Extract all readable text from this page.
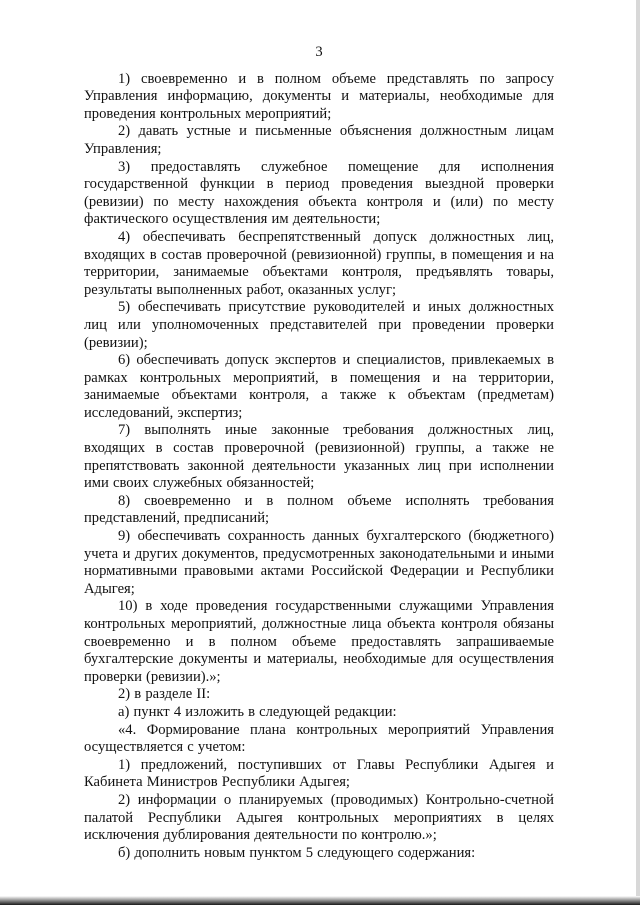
3

1) своевременно и в полном объеме представлять по запросу Управления информацию, документы и материалы, необходимые для проведения контрольных мероприятий;

2) давать устные и письменные объяснения должностным лицам Управления;

3) предоставлять служебное помещение для исполнения государственной функции в период проведения выездной проверки (ревизии) по месту нахождения объекта контроля и (или) по месту фактического осуществления им деятельности;

4) обеспечивать беспрепятственный допуск должностных лиц, входящих в состав проверочной (ревизионной) группы, в помещения и на территории, занимаемые объектами контроля, предъявлять товары, результаты выполненных работ, оказанных услуг;

5) обеспечивать присутствие руководителей и иных должностных лиц или уполномоченных представителей при проведении проверки (ревизии);

6) обеспечивать допуск экспертов и специалистов, привлекаемых в рамках контрольных мероприятий, в помещения и на территории, занимаемые объектами контроля, а также к объектам (предметам) исследований, экспертиз;

7) выполнять иные законные требования должностных лиц, входящих в состав проверочной (ревизионной) группы, а также не препятствовать законной деятельности указанных лиц при исполнении ими своих служебных обязанностей;

8) своевременно и в полном объеме исполнять требования представлений, предписаний;

9) обеспечивать сохранность данных бухгалтерского (бюджетного) учета и других документов, предусмотренных законодательными и иными нормативными правовыми актами Российской Федерации и Республики Адыгея;

10) в ходе проведения государственными служащими Управления контрольных мероприятий, должностные лица объекта контроля обязаны своевременно и в полном объеме предоставлять запрашиваемые бухгалтерские документы и материалы, необходимые для осуществления проверки (ревизии).»;

2) в разделе II:

а) пункт 4 изложить в следующей редакции:

«4. Формирование плана контрольных мероприятий Управления осуществляется с учетом:

1) предложений, поступивших от Главы Республики Адыгея и Кабинета Министров Республики Адыгея;

2) информации о планируемых (проводимых) Контрольно-счетной палатой Республики Адыгея контрольных мероприятиях в целях исключения дублирования деятельности по контролю.»;

б) дополнить новым пунктом 5 следующего содержания:
